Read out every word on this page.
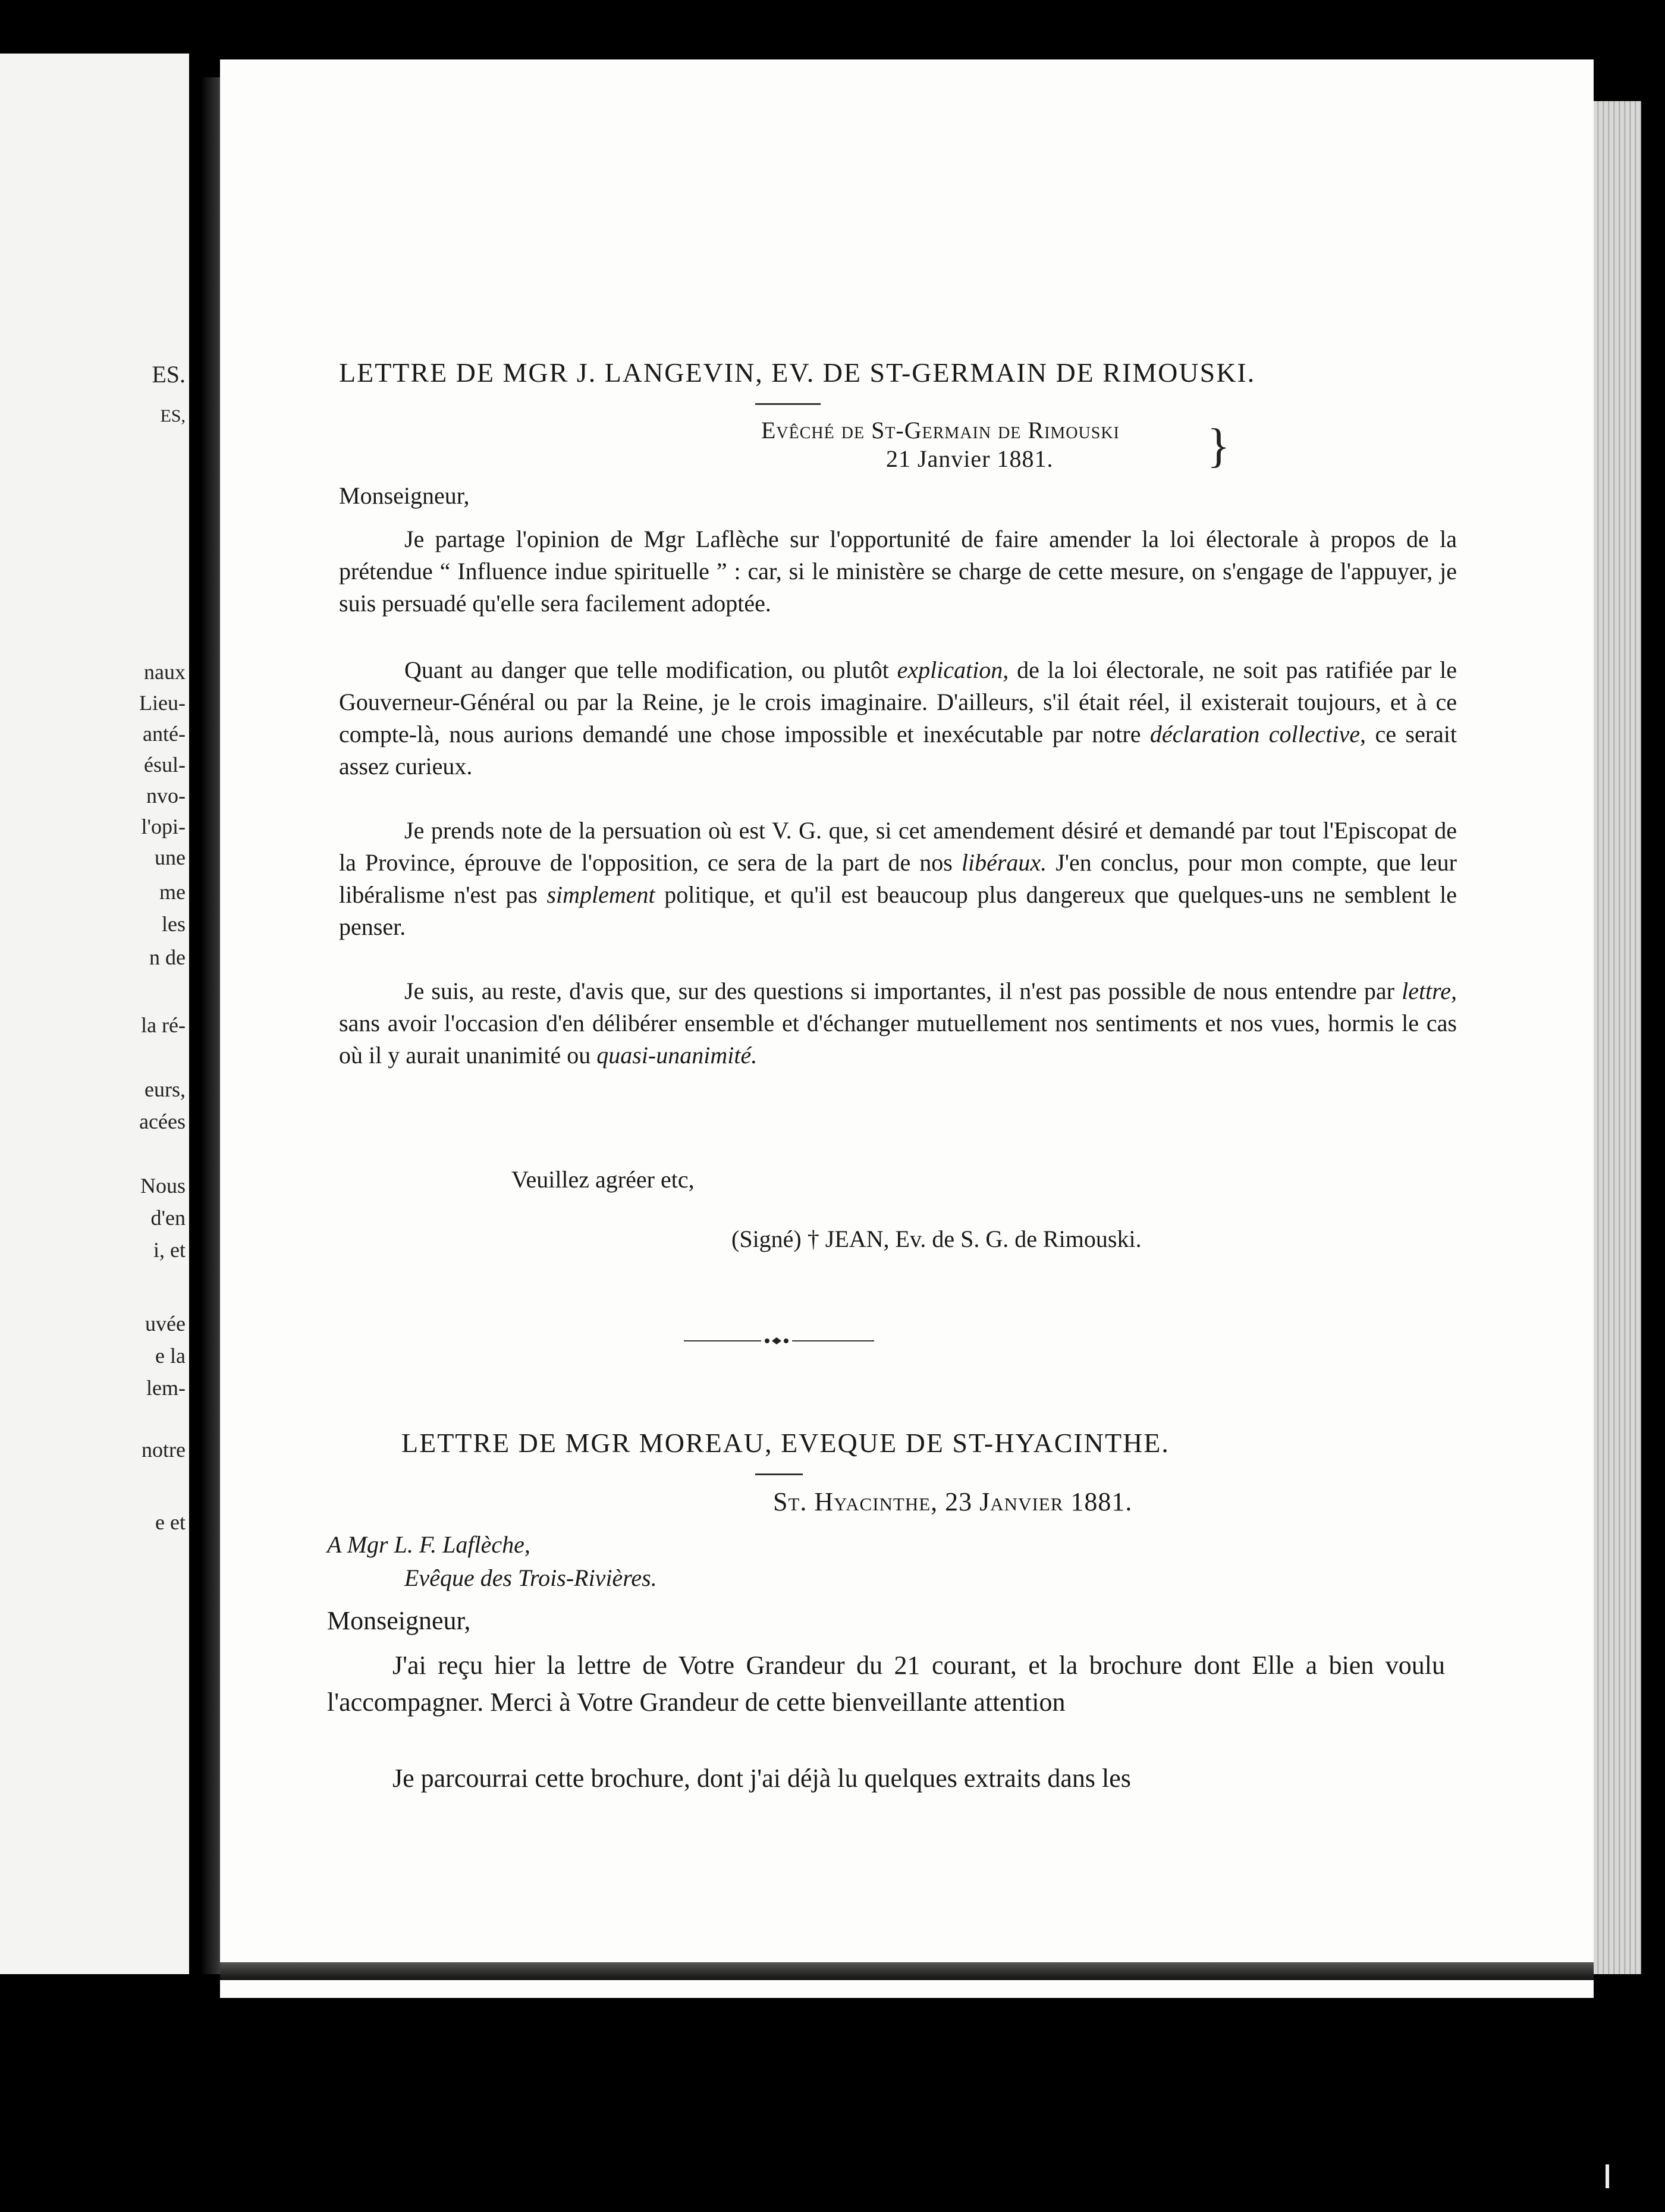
ES.
ES,
naux
Lieu-
anté-
ésul-
nvo-
l'opi-
une
me
les
n de
la ré-
eurs,
acées
Nous
d'en
i, et
uvée
e la
lem-
notre
e et
LETTRE DE MGR J. LANGEVIN, EV. DE ST-GERMAIN DE RIMOUSKI.
Evêché de St-Germain de Rimouski
21 Janvier 1881.	}
Monseigneur,

Je partage l'opinion de Mgr Laflèche sur l'opportunité de faire amender la loi électorale à propos de la prétendue “ Influence indue spirituelle ” : car, si le ministère se charge de cette mesure, on s'engage de l'appuyer, je suis persuadé qu'elle sera facilement adoptée.

Quant au danger que telle modification, ou plutôt explication, de la loi électorale, ne soit pas ratifiée par le Gouverneur-Général ou par la Reine, je le crois imaginaire. D'ailleurs, s'il était réel, il existerait toujours, et à ce compte-là, nous aurions demandé une chose impossible et inexécutable par notre déclaration collective, ce serait assez curieux.

Je prends note de la persuation où est V. G. que, si cet amendement désiré et demandé par tout l'Episcopat de la Province, éprouve de l'opposition, ce sera de la part de nos libéraux. J'en conclus, pour mon compte, que leur libéralisme n'est pas simplement politique, et qu'il est beaucoup plus dangereux que quelques-uns ne semblent le penser.

Je suis, au reste, d'avis que, sur des questions si importantes, il n'est pas possible de nous entendre par lettre, sans avoir l'occasion d'en délibérer ensemble et d'échanger mutuellement nos sentiments et nos vues, hormis le cas où il y aurait unanimité ou quasi-unanimité.

Veuillez agréer etc,
(Signé) † JEAN, Ev. de S. G. de Rimouski.
LETTRE DE MGR MOREAU, EVEQUE DE ST-HYACINTHE.
St. Hyacinthe, 23 Janvier 1881.
A Mgr L. F. Laflèche,
Evêque des Trois-Rivières.
Monseigneur,

J'ai reçu hier la lettre de Votre Grandeur du 21 courant, et la brochure dont Elle a bien voulu l'accompagner. Merci à Votre Grandeur de cette bienveillante attention

Je parcourrai cette brochure, dont j'ai déjà lu quelques extraits dans les
